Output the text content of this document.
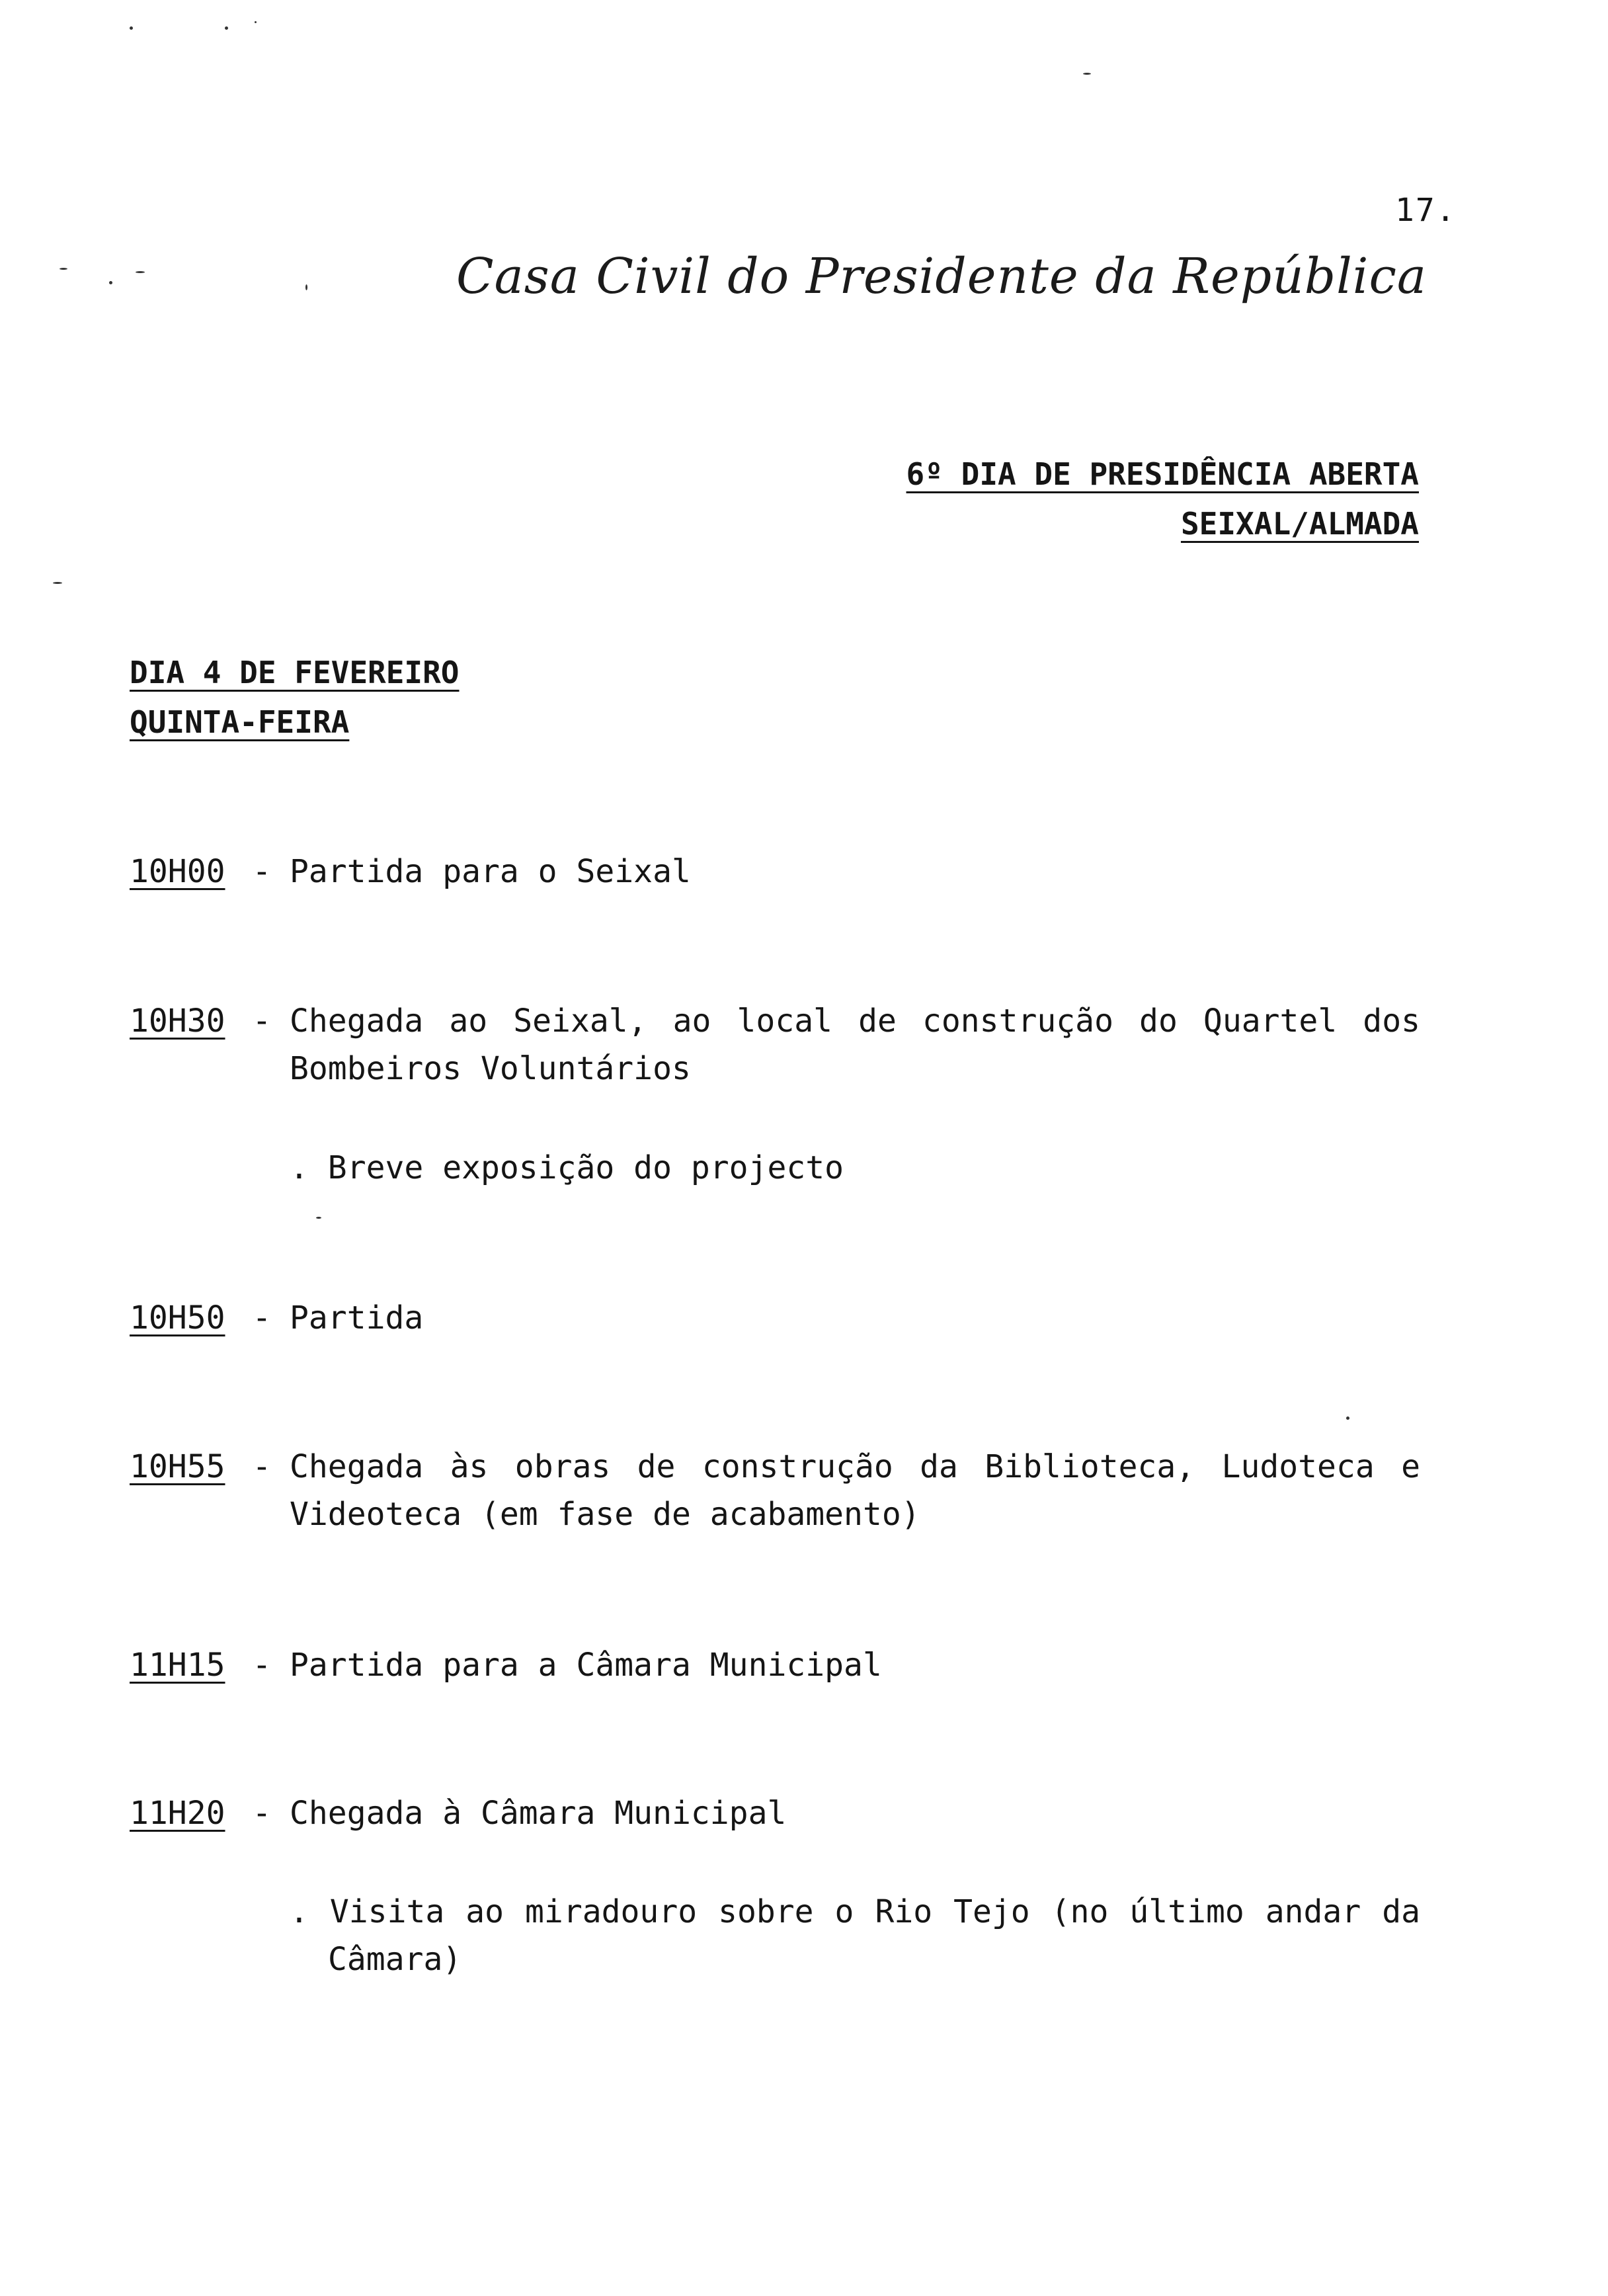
17.
Casa Civil do Presidente da República
6º DIA DE PRESIDÊNCIA ABERTA
SEIXAL/ALMADA
DIA 4 DE FEVEREIRO
QUINTA-FEIRA
10H00 - Partida para o Seixal
10H30 - Chegada ao Seixal, ao local de construção do Quartel dos Bombeiros Voluntários
. Breve exposição do projecto
10H50 - Partida
10H55 - Chegada às obras de construção da Biblioteca, Ludoteca e Videoteca (em fase de acabamento)
11H15 - Partida para a Câmara Municipal
11H20 - Chegada à Câmara Municipal
. Visita ao miradouro sobre o Rio Tejo (no último andar da Câmara)
